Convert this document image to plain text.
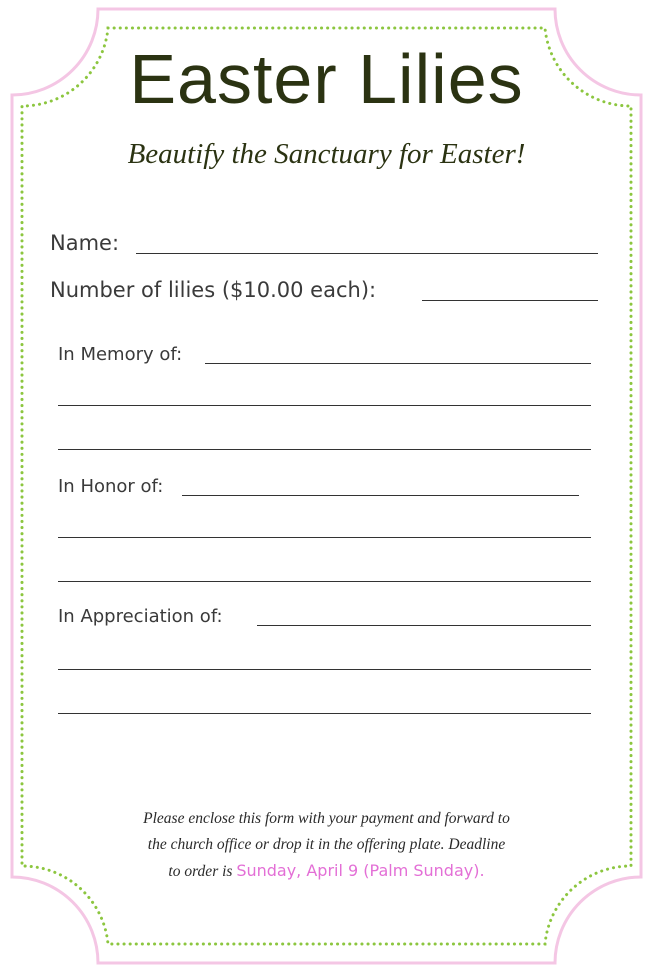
Easter Lilies
Beautify the Sanctuary for Easter!
Name:
Number of lilies ($10.00 each):
In Memory of:
In Honor of:
In Appreciation of:
Please enclose this form with your payment and forward to
the church office or drop it in the offering plate. Deadline
to order is Sunday, April 9 (Palm Sunday).
